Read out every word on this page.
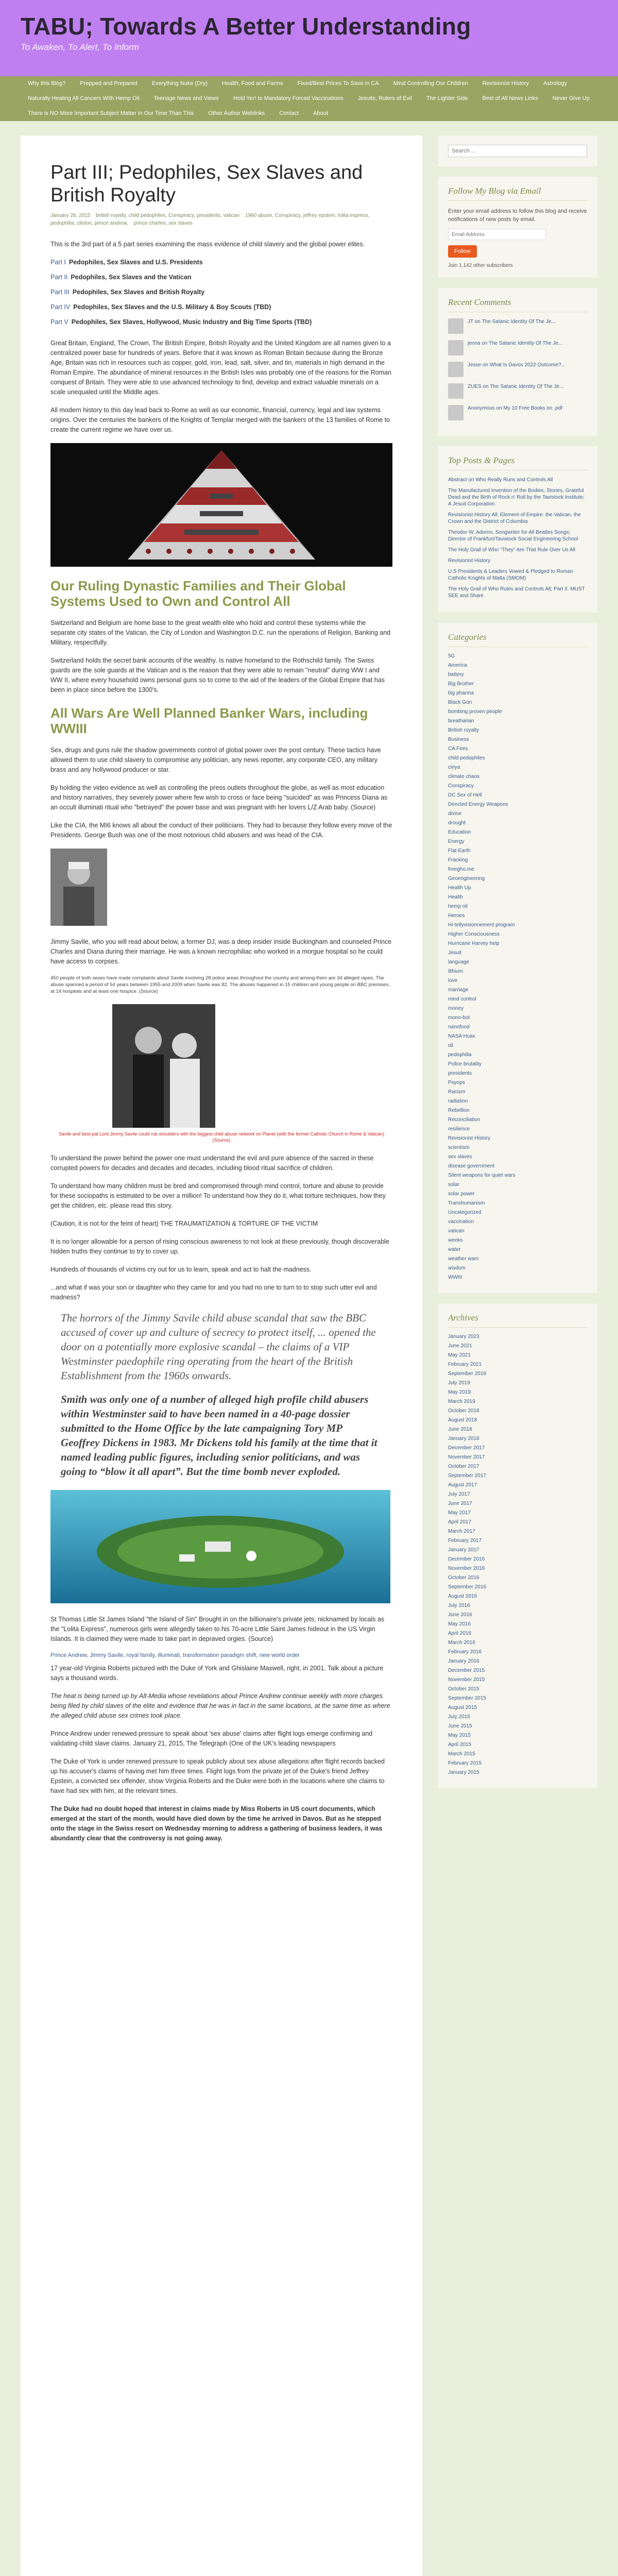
TABU; Towards A Better Understanding
To Awaken, To Alert, To Inform
Why this Blog?	Prepped and Prepared	Everything Nuke (Dry)	Health, Food and Farms	Fixed/Best Prices To Save in CA	Mind Controlling Our Children	Revisionist History	Astrology
Naturally Healing All Cancers With Hemp Oil	Teenage News and Views	Hold Yer! to Mandatory Forced Vaccinations	Jesuits, Rulers of Evil	The Lighter Side	Best of All News Links	Never Give Up
There is NO More Important Subject Matter in Our Time Than This	Other Author Weblinks	Contact	About
Part III; Pedophiles, Sex Slaves and British Royalty
January 28, 2015 british royalty, child pedophiles, Conspiracy, presidents, vatican 1960 abuse, Conspiracy, jeffrey epstein, lolita express, pedophilia, clinton, prince andrew, prince charles, sex slaves

This is the 3rd part of a 5 part series examining the mass evidence of child slavery and the global power elites.

Part I Pedophiles, Sex Slaves and U.S. Presidents
Part II Pedophiles, Sex Slaves and the Vatican
Part III Pedophiles, Sex Slaves and British Royalty
Part IV Pedophiles, Sex Slaves and the U.S. Military & Boy Scouts (TBD)
Part V Pedophiles, Sex Slaves, Hollywood, Music Industry and Big Time Sports (TBD)

Great Britain, England, The Crown, The British Empire, British Royalty and the United Kingdom are all names given to a centralized power base for hundreds of years. Before that it was known as Roman Britain because during the Bronze Age, Britain was rich in resources such as copper, gold, iron, lead, salt, silver, and tin, materials in high demand in the Roman Empire. The abundance of mineral resources in the British Isles was probably one of the reasons for the Roman conquest of Britain. They were able to use advanced technology to find, develop and extract valuable minerals on a scale unequaled until the Middle ages.

All modern history to this day lead back to Rome as well as our economic, financial, currency, legal and law systems origins. Over the centuries the bankers of the Knights of Templar merged with the bankers of the 13 families of Rome to create the current regime we have over us.

Our Ruling Dynastic Families and Their Global Systems Used to Own and Control All

Switzerland and Belgium are home base to the great wealth elite who hold and control these systems while the separate city states of the Vatican, the City of London and Washington D.C. run the operations of Religion, Banking and Military, respectfully.

Switzerland holds the secret bank accounts of the wealthy. Is native homeland to the Rothschild family. The Swiss guards are the sole guards at the Vatican and is the reason that they were able to remain "neutral" during WW I and WW II, where every household owns personal guns so to come to the aid of the leaders of the Global Empire that has been in place since before the 1300's.

All Wars Are Well Planned Banker Wars, including WWIII

Sex, drugs and guns rule the shadow governments control of global power over the post century. These tactics have allowed them to use child slavery to compromise any politician, any news reporter, any corporate CEO, any military brass and any hollywood producer or star.

By holding the video evidence as well as controlling the press outlets throughout the globe, as well as most education and history narratives, they severely power where few wish to cross or face being "suicided" as was Princess Diana as an occult illuminati ritual who "betrayed" the power base and was pregnant with her lovers L/Z Arab baby. (Source)

Like the CIA, the MI6 knows all about the conduct of their politicians. They had to because they follow every move of the Presidents. George Bush was one of the most notorious child abusers and was head of the CIA.

Jimmy Savile, who you will read about below, a former DJ, was a deep insider inside Buckingham and counseled Prince Charles and Diana during their marriage. He was a known necrophiliac who worked in a morgue hospital so he could have access to corpses.

450 people of both sexes have made complaints about Savile involving 28 police areas throughout the country and among them are 34 alleged rapes. The abuse spanned a period of 54 years between 1955 and 2009 when Savile was 82. The abuses happened in 15 children and young people on BBC premises, at 14 hospitals and at least one hospice. (Source)
Savile and best-pal Lord Jimmy Savile could rub shoulders with the biggest child abuse network on Planet (with the former Catholic Church in Rome & Vatican) (Source)

To understand the power behind the power one must understand the evil and pure absence of the sacred in these corrupted powers for decades and decades and decades, including blood ritual sacrifice of children.

To understand how many children must be bred and compromised through mind control, torture and abuse to provide for these sociopaths is estimated to be over a million! To understand how they do it, what torture techniques, how they get the children, etc. please read this story.

(Caution, it is not for the feint of heart) THE TRAUMATIZATION & TORTURE OF THE VICTIM

It is no longer allowable for a person of rising conscious awareness to not look at these previously, though discoverable hidden truths they continue to try to cover up.

Hundreds of thousands of victims cry out for us to learn, speak and act to halt the madness.

...and what if was your son or daughter who they came for and you had no one to turn to to stop such utter evil and madness?

The horrors of the Jimmy Savile child abuse scandal that saw the BBC accused of cover up and culture of secrecy to protect itself, ... opened the door on a potentially more explosive scandal – the claims of a VIP Westminster paedophile ring operating from the heart of the British Establishment from the 1960s onwards.

Smith was only one of a number of alleged high profile child abusers within Westminster said to have been named in a 40-page dossier submitted to the Home Office by the late campaigning Tory MP Geoffrey Dickens in 1983. Mr Dickens told his family at the time that it named leading public figures, including senior politicians, and was going to “blow it all apart”. But the time bomb never exploded.

St Thomas Little St James Island "the Island of Sin" Brought in on the billionaire's private jets, nicknamed by locals as the "Lolita Express", numerous girls were allegedly taken to his 70-acre Little Saint James hideout in the US Virgin Islands. It is claimed they were made to take part in depraved orgies. (Source)

Prince Andrew, Jimmy Savile, royal family, illuminati, transformation paradigm shift, new world order

17 year-old Virginia Roberts pictured with the Duke of York and Ghislaine Maxwell, right, in 2001. Talk about a picture says a thousand words.

The heat is being turned up by Alt-Media whose revelations about Prince Andrew continue weekly with more charges being filed by child slaves of the elite and evidence that he was in fact in the same locations, at the same time as where the alleged child abuse sex crimes took place.

Prince Andrew under renewed pressure to speak about 'sex abuse' claims after flight logs emerge confirming and validating child slave claims. January 21, 2015, The Telegraph (One of the UK's leading newspapers

The Duke of York is under renewed pressure to speak publicly about sex abuse allegations after flight records backed up his accuser's claims of having met him three times. Flight logs from the private jet of the Duke's friend Jeffrey Epstein, a convicted sex offender, show Virginia Roberts and the Duke were both in the locations where she claims to have had sex with him, at the relevant times.

The Duke had no doubt hoped that interest in claims made by Miss Roberts in US court documents, which emerged at the start of the month, would have died down by the time he arrived in Davos. But as he stepped onto the stage in the Swiss resort on Wednesday morning to address a gathering of business leaders, it was abundantly clear that the controversy is not going away.

Search ...
Follow My Blog via Email
Enter your email address to follow this blog and receive notifications of new posts by email.
Email Address
Follow
Join 1,142 other subscribers
Recent Comments
JT on The Satanic Identity Of The Je...
jenna on The Satanic Identity Of The Je...
Jesse on What Is Davos 2022 Outcome?...
ZUES on The Satanic Identity Of The Je...
Anonymous on My 10 Free Books on .pdf
Top Posts & Pages
Abstract on Who Really Runs and Controls All
The Manufactured Invention of the Bodies, Stories, Grateful Dead and the Birth of Rock n' Roll by the Tavistock Institute; A Jesuit Corporation.
Revisionist History All; Element of Empire: the Vatican, the Crown and the District of Columbia
Theodor W. Adorno, Songwriter for All Beatles Songs; Director of Frankfurt/Tavistock Social Engineering School
The Holy Grail of Who "They" Are That Rule Over Us All
Revisionist History
U.S Presidents & Leaders Vowed & Pledged to Roman Catholic Knights of Malta (SMOM)
The Holy Grail of Who Rules and Controls All; Part II. MUST SEE and Share
Categories
5G
America
battery
Big Brother
big pharma
Black Gon
bombing proven people
breatharian
British royalty
Business
CA Fires
child pedophiles
ciriya
climate chaos
Conspiracy
DC Sex of Hell
Directed Energy Weapons
divine
drought
Education
Energy
Flat Earth
Fracking
freegho.me
Geoengineering
Health Up
Health
hemp oil
Heroes
Hi-tellyvisionnement program
Higher Consciousness
Hurricane Harvey help
Jesuit
language
lithium
love
marriage
mind control
money
mono-bot
nanofood
NASA Hoax
oil
pedophilia
Police brutality
presidents
Psyops
Racism
radiation
Rebellion
Reconciliation
resilience
Revisionist History
scientism
sex slaves
disease government
Silent weapons for quiet wars
solar
solar power
Transhumanism
Uncategorized
vaccination
vatican
weeks
water
weather wars
wisdom
WWIII
Archives
January 2023
June 2021
May 2021
February 2021
September 2019
July 2019
May 2019
March 2019
October 2018
August 2018
June 2018
January 2018
December 2017
November 2017
October 2017
September 2017
August 2017
July 2017
June 2017
May 2017
April 2017
March 2017
February 2017
January 2017
December 2016
November 2016
October 2016
September 2016
August 2016
July 2016
June 2016
May 2016
April 2016
March 2016
February 2016
January 2016
December 2015
November 2015
October 2015
September 2015
August 2015
July 2015
June 2015
May 2015
April 2015
March 2015
February 2015
January 2015
